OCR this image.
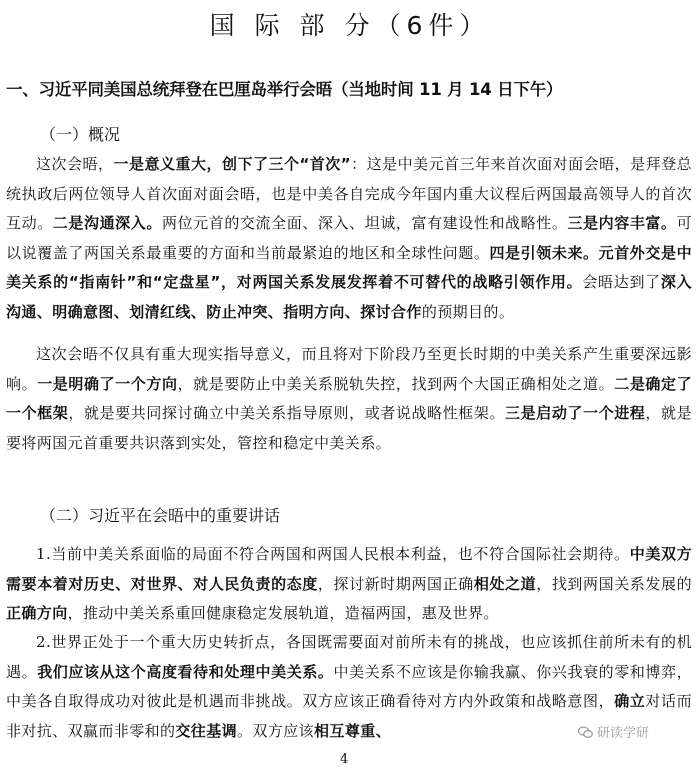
国 际 部 分（6件）
一、习近平同美国总统拜登在巴厘岛举行会晤（当地时间 11 月 14 日下午）
（一）概况

这次会晤，一是意义重大，创下了三个“首次”：这是中美元首三年来首次面对面会晤，是拜登总统执政后两位领导人首次面对面会晤，也是中美各自完成今年国内重大议程后两国最高领导人的首次互动。二是沟通深入。两位元首的交流全面、深入、坦诚，富有建设性和战略性。三是内容丰富。可以说覆盖了两国关系最重要的方面和当前最紧迫的地区和全球性问题。四是引领未来。元首外交是中美关系的“指南针”和“定盘星”，对两国关系发展发挥着不可替代的战略引领作用。会晤达到了深入沟通、明确意图、划清红线、防止冲突、指明方向、探讨合作的预期目的。

这次会晤不仅具有重大现实指导意义，而且将对下阶段乃至更长时期的中美关系产生重要深远影响。一是明确了一个方向，就是要防止中美关系脱轨失控，找到两个大国正确相处之道。二是确定了一个框架，就是要共同探讨确立中美关系指导原则，或者说战略性框架。三是启动了一个进程，就是要将两国元首重要共识落到实处，管控和稳定中美关系。

（二）习近平在会晤中的重要讲话

1.当前中美关系面临的局面不符合两国和两国人民根本利益，也不符合国际社会期待。中美双方需要本着对历史、对世界、对人民负责的态度，探讨新时期两国正确相处之道，找到两国关系发展的正确方向，推动中美关系重回健康稳定发展轨道，造福两国，惠及世界。

2.世界正处于一个重大历史转折点，各国既需要面对前所未有的挑战，也应该抓住前所未有的机遇。我们应该从这个高度看待和处理中美关系。中美关系不应该是你输我赢、你兴我衰的零和博弈，中美各自取得成功对彼此是机遇而非挑战。双方应该正确看待对方内外政策和战略意图，确立对话而非对抗、双赢而非零和的交往基调。双方应该相互尊重、	研读学研
4
